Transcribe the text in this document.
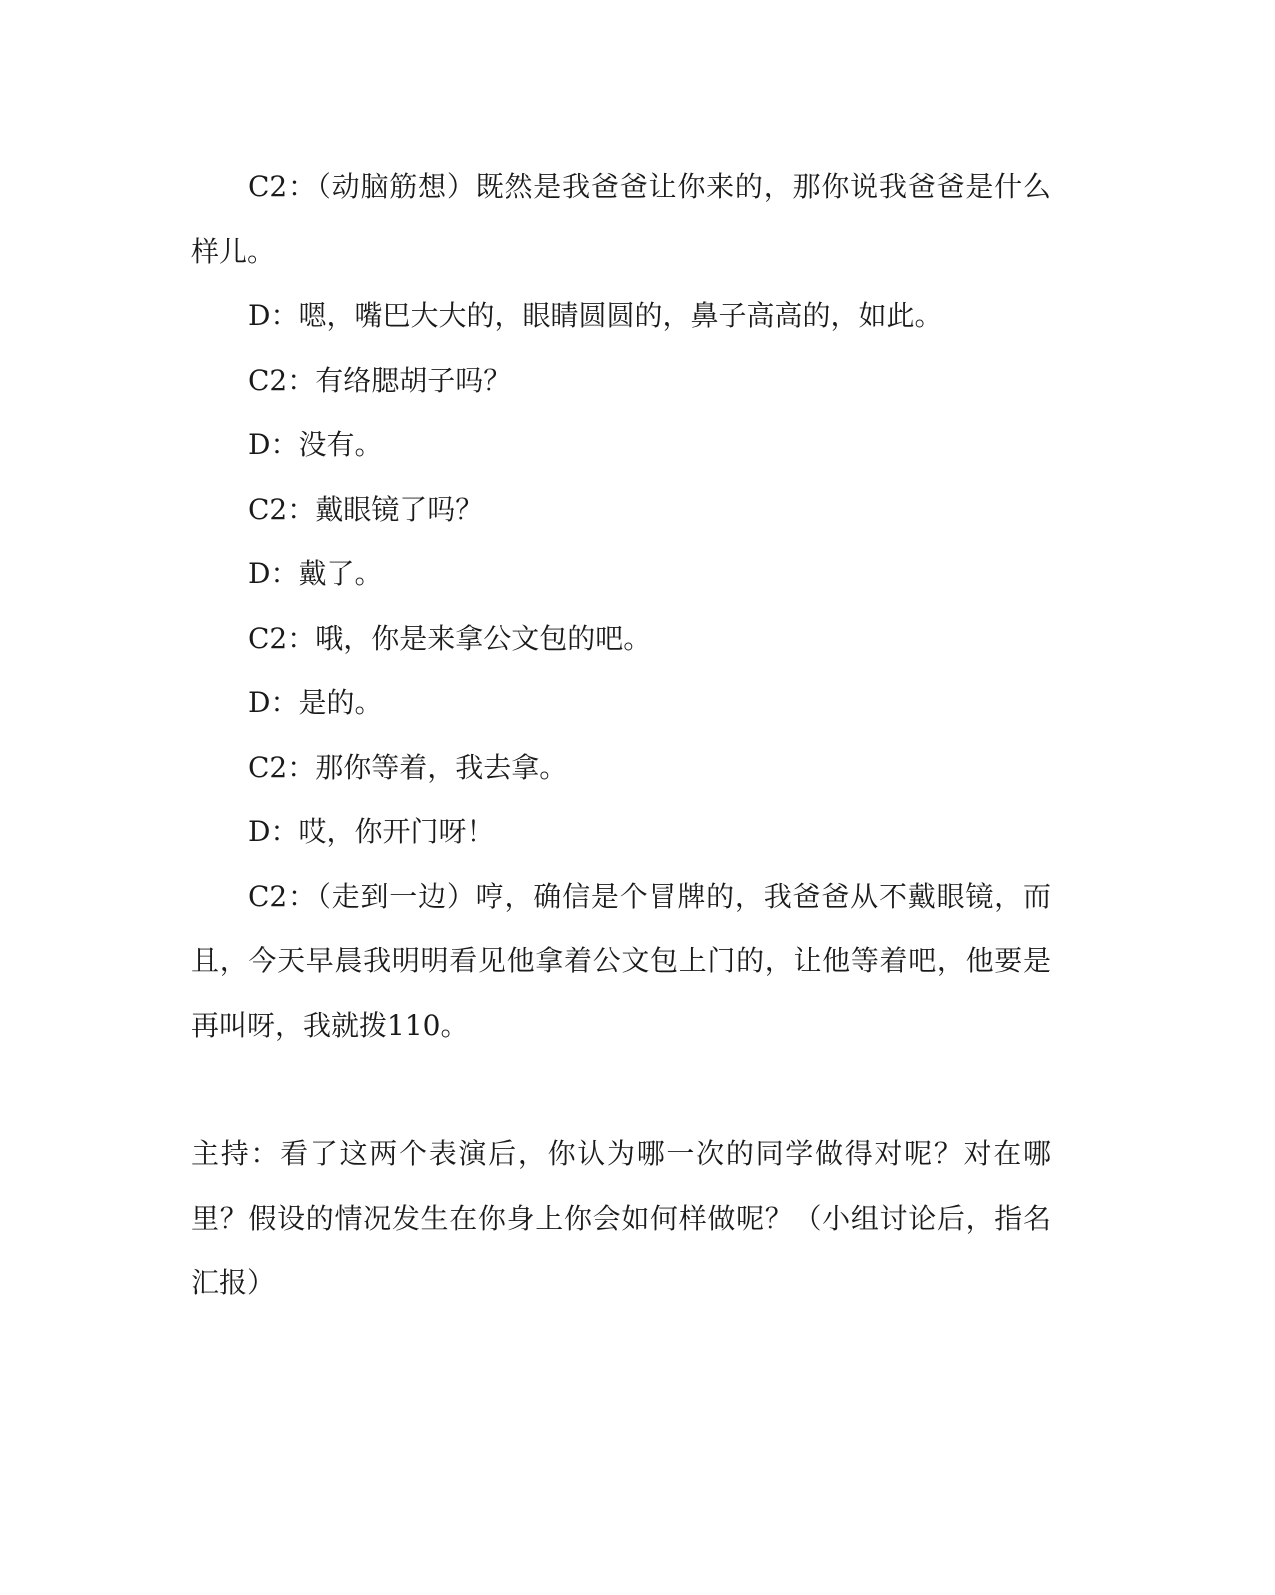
C2：（动脑筋想）既然是我爸爸让你来的，那你说我爸爸是什么样儿。

D：嗯，嘴巴大大的，眼睛圆圆的，鼻子高高的，如此。

C2：有络腮胡子吗？

D：没有。

C2：戴眼镜了吗？

D：戴了。

C2：哦，你是来拿公文包的吧。

D：是的。

C2：那你等着，我去拿。

D：哎，你开门呀！

C2：（走到一边）哼，确信是个冒牌的，我爸爸从不戴眼镜，而且，今天早晨我明明看见他拿着公文包上门的，让他等着吧，他要是再叫呀，我就拨110。

主持：看了这两个表演后，你认为哪一次的同学做得对呢？对在哪里？假设的情况发生在你身上你会如何样做呢？（小组讨论后，指名汇报）
